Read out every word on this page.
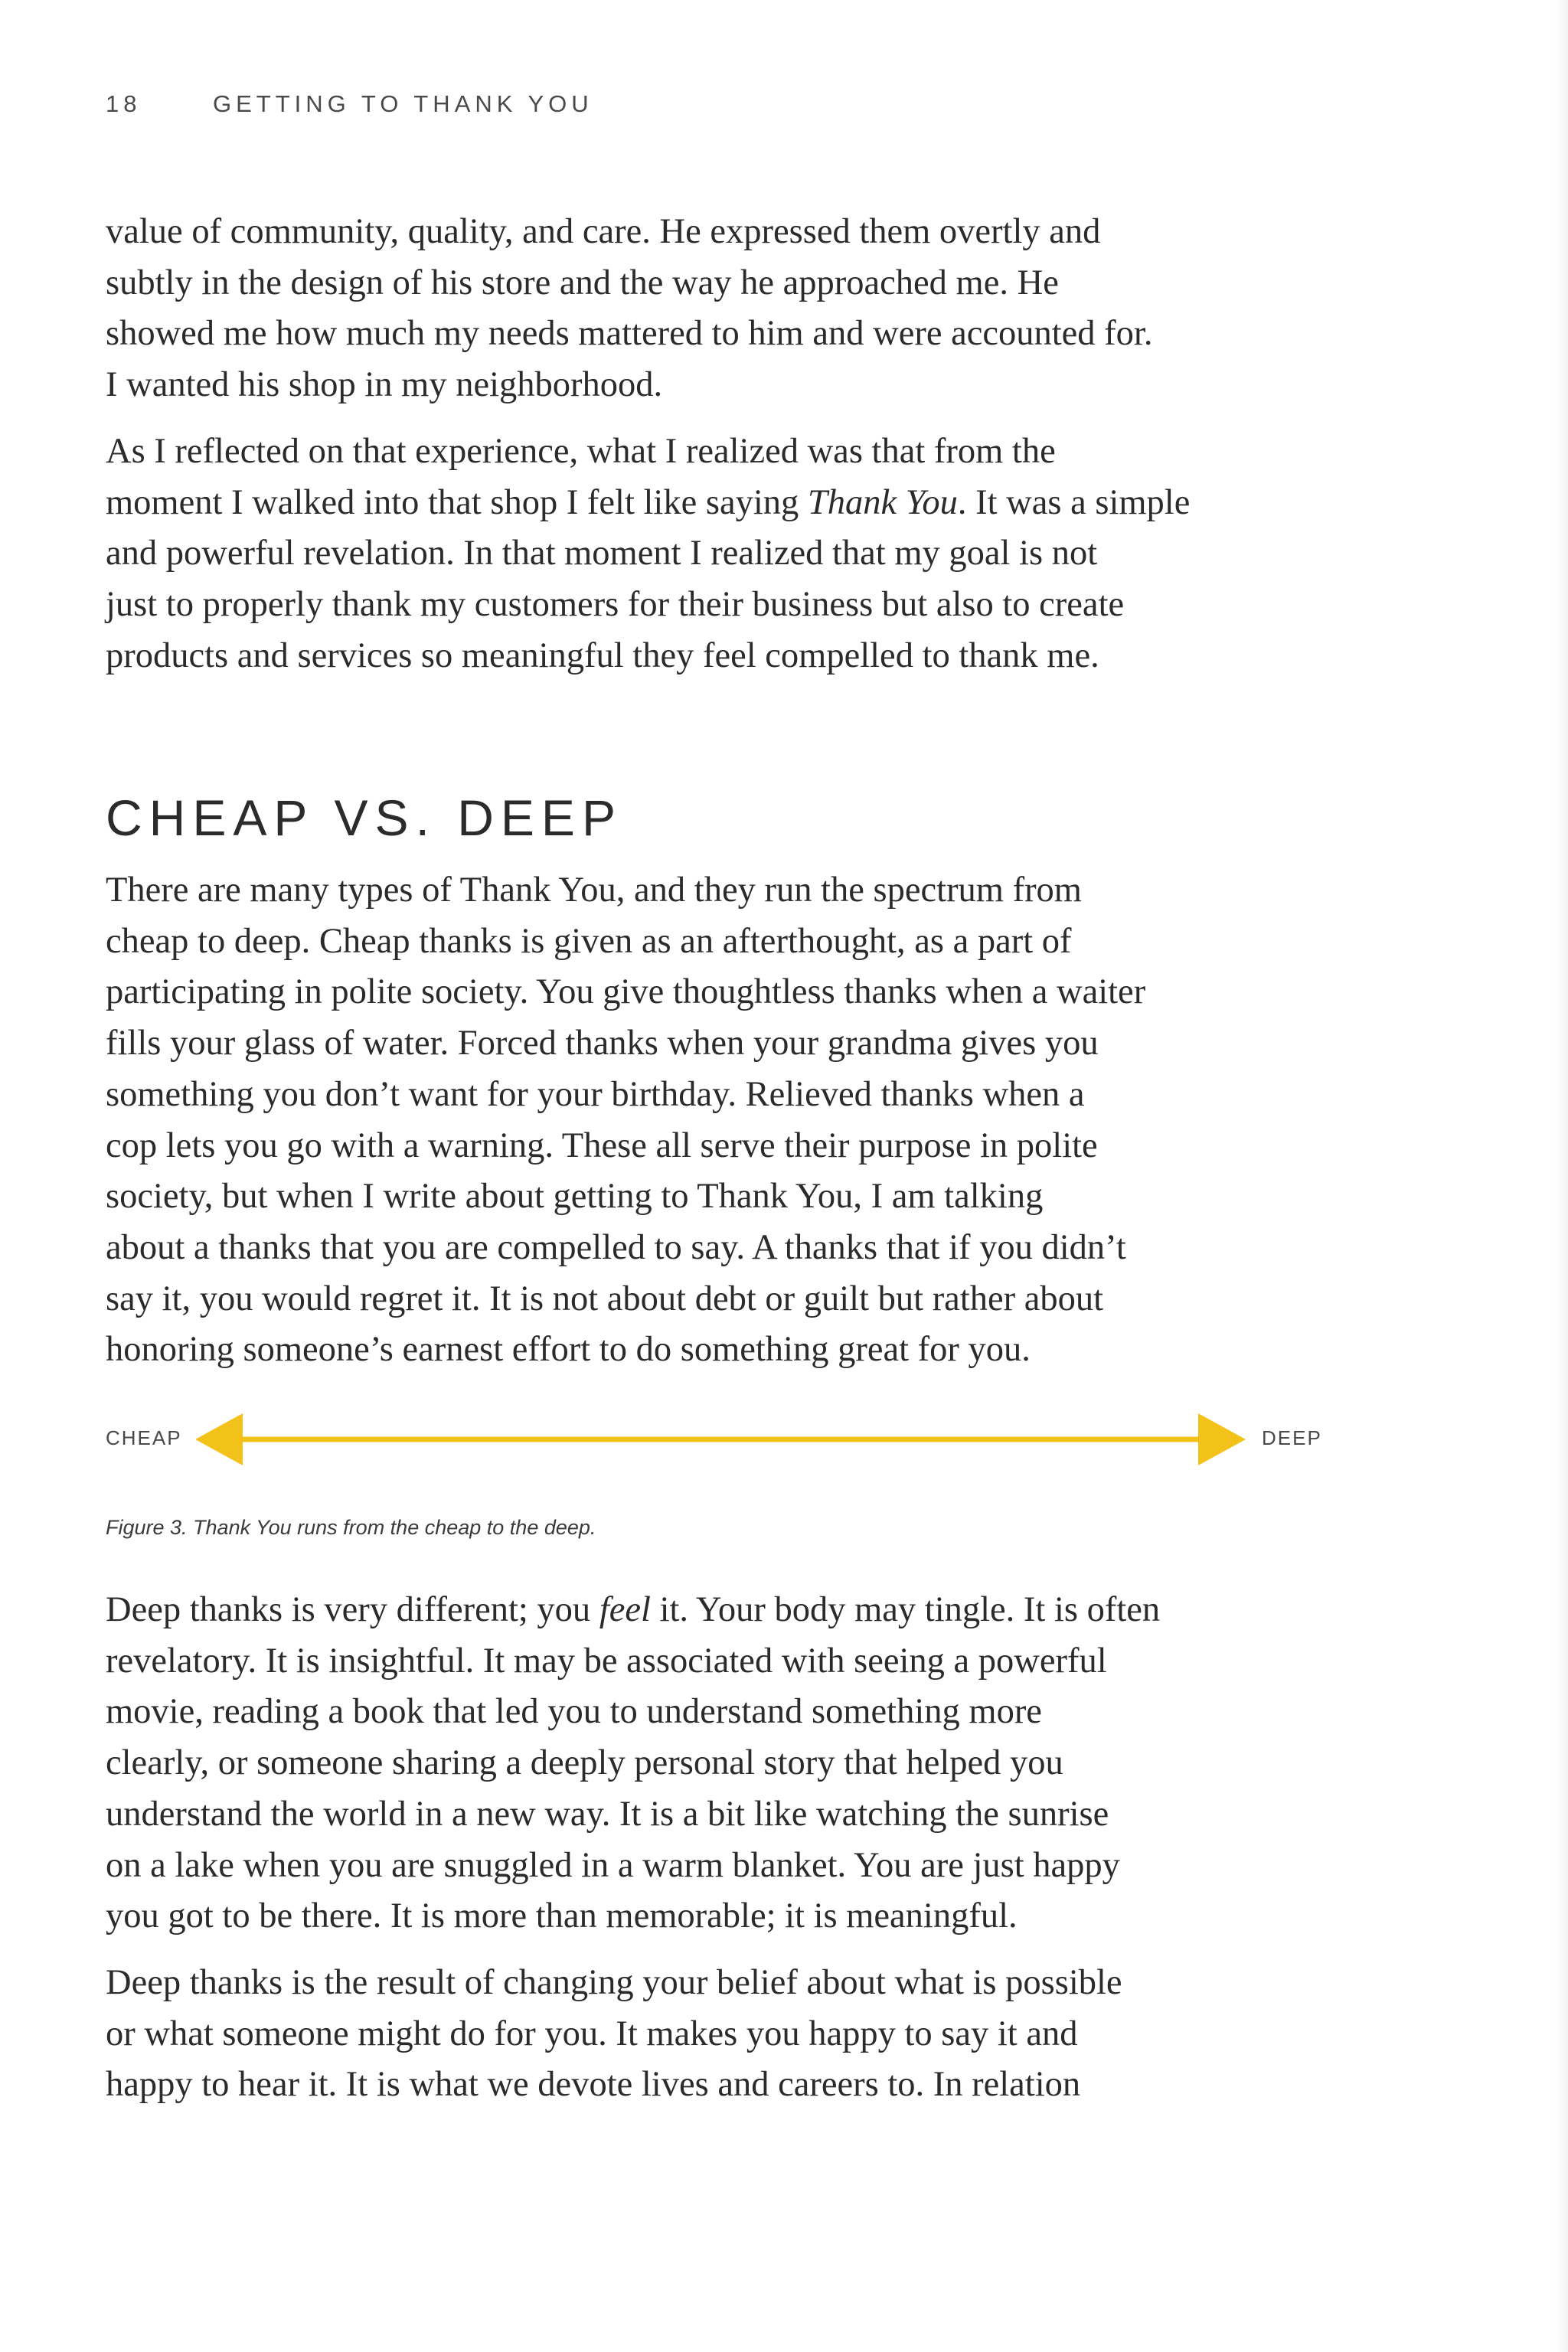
18	GETTING TO THANK YOU

value of community, quality, and care. He expressed them overtly and
subtly in the design of his store and the way he approached me. He
showed me how much my needs mattered to him and were accounted for.
I wanted his shop in my neighborhood.

As I reflected on that experience, what I realized was that from the
moment I walked into that shop I felt like saying Thank You. It was a simple
and powerful revelation. In that moment I realized that my goal is not
just to properly thank my customers for their business but also to create
products and services so meaningful they feel compelled to thank me.

CHEAP VS. DEEP

There are many types of Thank You, and they run the spectrum from
cheap to deep. Cheap thanks is given as an afterthought, as a part of
participating in polite society. You give thoughtless thanks when a waiter
fills your glass of water. Forced thanks when your grandma gives you
something you don’t want for your birthday. Relieved thanks when a
cop lets you go with a warning. These all serve their purpose in polite
society, but when I write about getting to Thank You, I am talking
about a thanks that you are compelled to say. A thanks that if you didn’t
say it, you would regret it. It is not about debt or guilt but rather about
honoring someone’s earnest effort to do something great for you.

CHEAP	DEEP
Figure 3. Thank You runs from the cheap to the deep.

Deep thanks is very different; you feel it. Your body may tingle. It is often
revelatory. It is insightful. It may be associated with seeing a powerful
movie, reading a book that led you to understand something more
clearly, or someone sharing a deeply personal story that helped you
understand the world in a new way. It is a bit like watching the sunrise
on a lake when you are snuggled in a warm blanket. You are just happy
you got to be there. It is more than memorable; it is meaningful.

Deep thanks is the result of changing your belief about what is possible
or what someone might do for you. It makes you happy to say it and
happy to hear it. It is what we devote lives and careers to. In relation
